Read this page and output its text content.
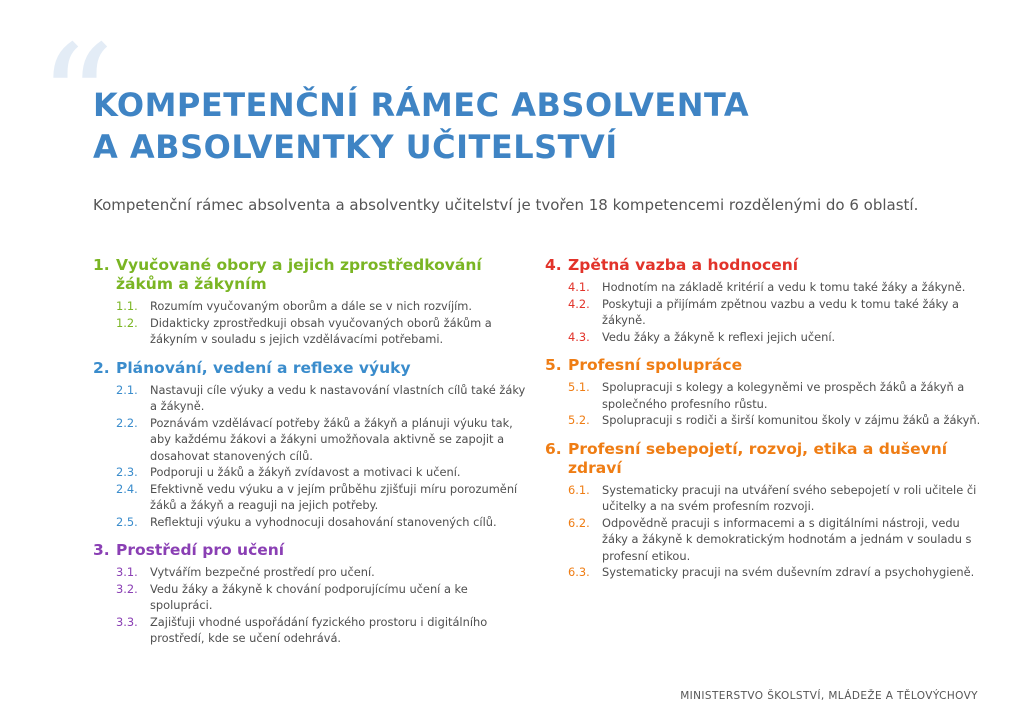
“
KOMPETENČNÍ RÁMEC ABSOLVENTA
A ABSOLVENTKY UČITELSTVÍ

Kompetenční rámec absolventa a absolventky učitelství je tvořen 18 kompetencemi rozdělenými do 6 oblastí.

1. Vyučované obory a jejich zprostředkování žákům a žákyním
1.1.	Rozumím vyučovaným oborům a dále se v nich rozvíjím.
1.2.	Didakticky zprostředkuji obsah vyučovaných oborů žákům a žákyním v souladu s jejich vzdělávacími potřebami.
2. Plánování, vedení a reflexe výuky
2.1.	Nastavuji cíle výuky a vedu k nastavování vlastních cílů také žáky a žákyně.
2.2.	Poznávám vzdělávací potřeby žáků a žákyň a plánuji výuku tak, aby každému žákovi a žákyni umožňovala aktivně se zapojit a dosahovat stanovených cílů.
2.3.	Podporuji u žáků a žákyň zvídavost a motivaci k učení.
2.4.	Efektivně vedu výuku a v jejím průběhu zjišťuji míru porozumění žáků a žákyň a reaguji na jejich potřeby.
2.5.	Reflektuji výuku a vyhodnocuji dosahování stanovených cílů.
3. Prostředí pro učení
3.1.	Vytvářím bezpečné prostředí pro učení.
3.2.	Vedu žáky a žákyně k chování podporujícímu učení a ke spolupráci.
3.3.	Zajišťuji vhodné uspořádání fyzického prostoru i digitálního prostředí, kde se učení odehrává.
4. Zpětná vazba a hodnocení
4.1.	Hodnotím na základě kritérií a vedu k tomu také žáky a žákyně.
4.2.	Poskytuji a přijímám zpětnou vazbu a vedu k tomu také žáky a žákyně.
4.3.	Vedu žáky a žákyně k reflexi jejich učení.
5. Profesní spolupráce
5.1.	Spolupracuji s kolegy a kolegyněmi ve prospěch žáků a žákyň a společného profesního růstu.
5.2.	Spolupracuji s rodiči a širší komunitou školy v zájmu žáků a žákyň.
6. Profesní sebepojetí, rozvoj, etika a duševní zdraví
6.1.	Systematicky pracuji na utváření svého sebepojetí v roli učitele či učitelky a na svém profesním rozvoji.
6.2.	Odpovědně pracuji s informacemi a s digitálními nástroji, vedu žáky a žákyně k demokratickým hodnotám a jednám v souladu s profesní etikou.
6.3.	Systematicky pracuji na svém duševním zdraví a psychohygieně.
MINISTERSTVO ŠKOLSTVÍ, MLÁDEŽE A TĚLOVÝCHOVY
